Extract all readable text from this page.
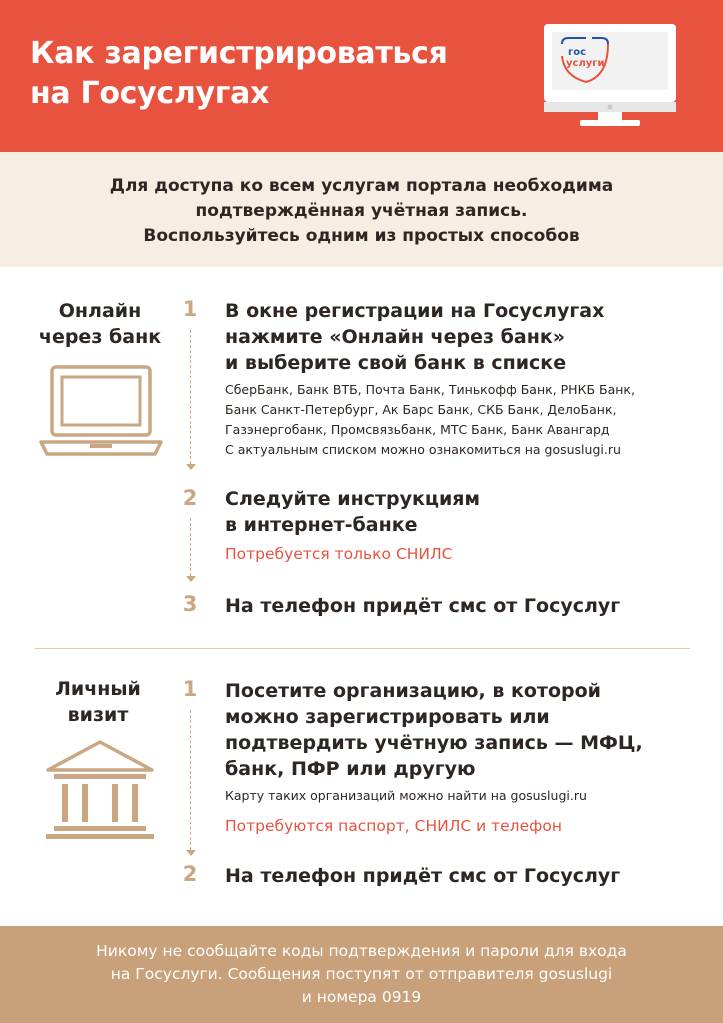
Как зарегистрироваться
на Госуслугах
гос
услуги
Для доступа ко всем услугам портала необходима
подтверждённая учётная запись.
Воспользуйтесь одним из простых способов
Онлайн
через банк
1	В окне регистрации на Госуслугах
нажмите «Онлайн через банк»
и выберите свой банк в списке
СберБанк, Банк ВТБ, Почта Банк, Тинькофф Банк, РНКБ Банк,
Банк Санкт-Петербург, Ак Барс Банк, СКБ Банк, ДелоБанк,
Газэнергобанк, Промсвязьбанк, МТС Банк, Банк Авангард
С актуальным списком можно ознакомиться на gosuslugi.ru
2	Следуйте инструкциям
в интернет-банке
Потребуется только СНИЛС
3	На телефон придёт смс от Госуслуг
Личный
визит
1	Посетите организацию, в которой
можно зарегистрировать или
подтвердить учётную запись — МФЦ,
банк, ПФР или другую
Карту таких организаций можно найти на gosuslugi.ru
Потребуются паспорт, СНИЛС и телефон
2	На телефон придёт смс от Госуслуг
Никому не сообщайте коды подтверждения и пароли для входа
на Госуслуги. Сообщения поступят от отправителя gosuslugi
и номера 0919
